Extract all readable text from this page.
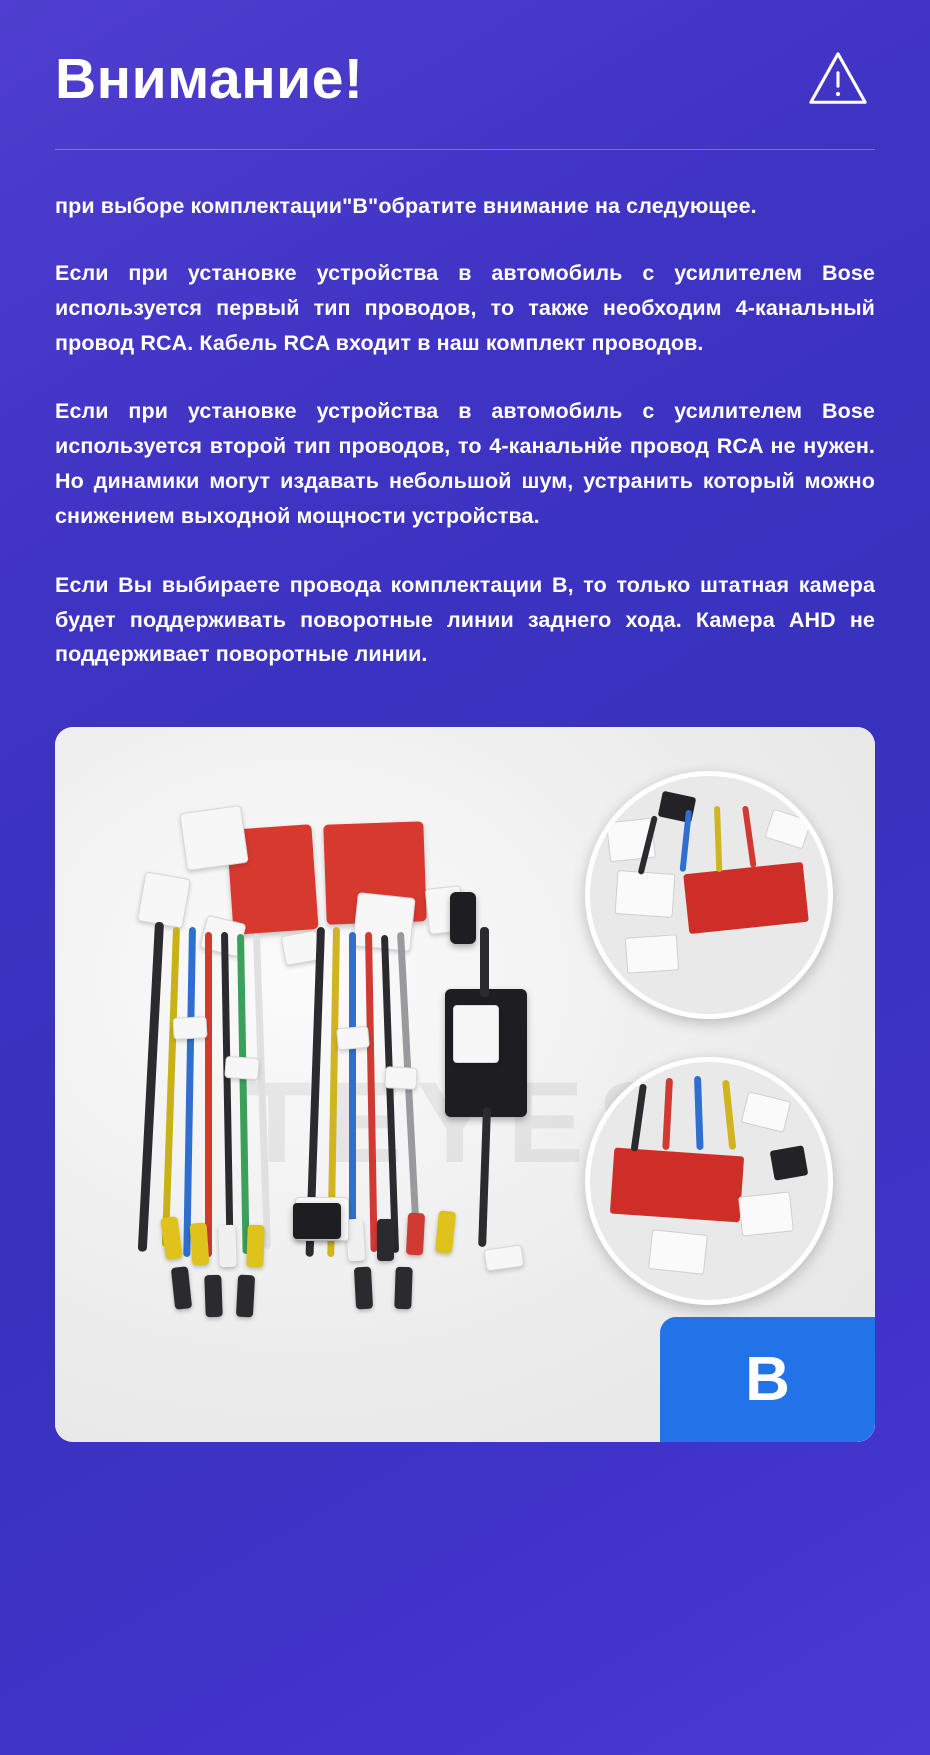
Внимание!

при выборе комплектации"B"обратите внимание на следующее.

Если при установке устройства в автомобиль с усилителем Bose используется первый тип проводов, то также необходим 4-канальный провод RCA. Кабель RCA входит в наш комплект проводов.

Если при установке устройства в автомобиль с усилителем Bose используется второй тип проводов, то 4-канальнйе провод RCA не нужен. Но динамики могут издавать небольшой шум, устранить который можно снижением выходной мощности устройства.

Если Вы выбираете провода комплектации B, то только штатная камера будет поддерживать поворотные линии заднего хода. Камера AHD не поддерживает поворотные линии.

B
